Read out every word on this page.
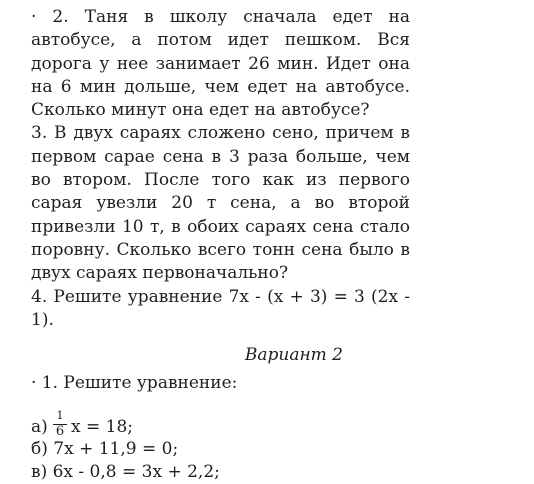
· 2. Таня в школу сначала едет на автобусе, а потом идет пешком. Вся дорога у нее занимает 26 мин. Идет она на 6 мин дольше, чем едет на автобусе. Сколько минут она едет на автобусе?

3. В двух сараях сложено сено, причем в первом сарае сена в 3 раза больше, чем во втором. После того как из первого сарая увезли 20 т сена, а во второй привезли 10 т, в обоих сараях сена стало поровну. Сколько всего тонн сена было в двух сараях первоначально?

4. Решите уравнение 7x - (x + 3) = 3 (2x - 1).

Вариант 2

· 1. Решите уравнение:

а)
1
6 x = 18;

б) 7x + 11,9 = 0;

в) 6x - 0,8 = 3x + 2,2;
